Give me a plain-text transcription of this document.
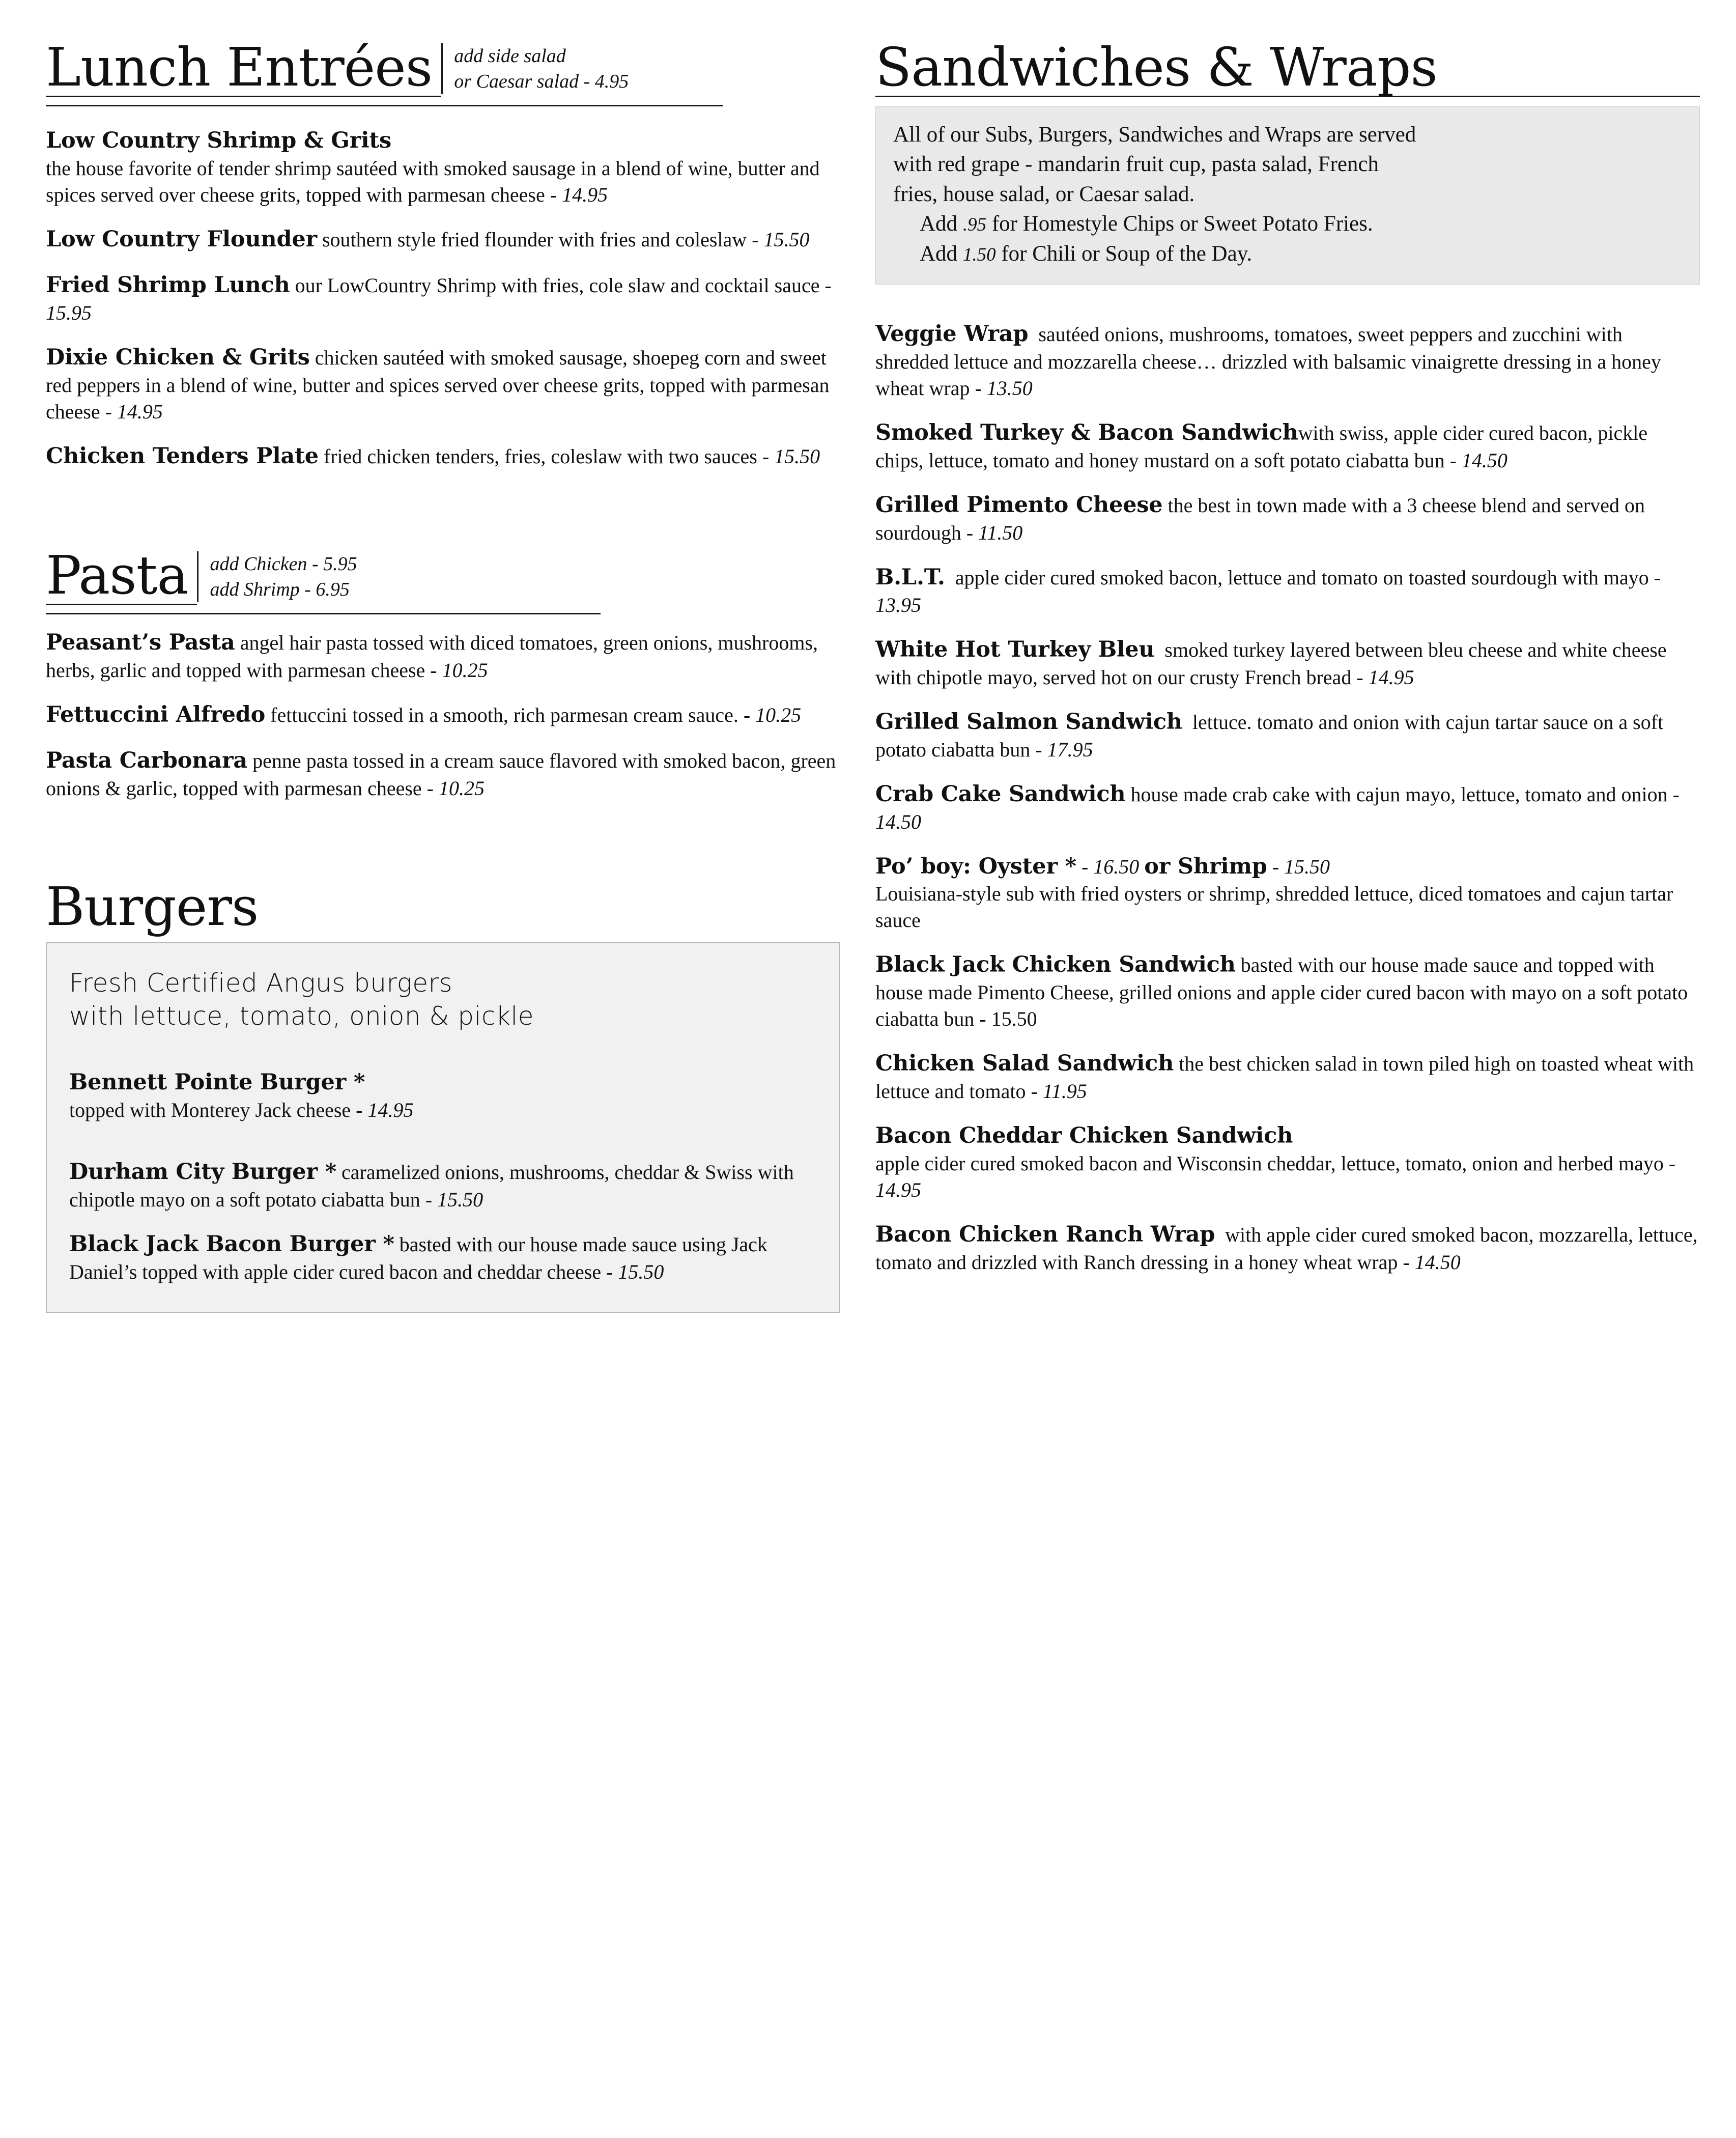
Lunch Entrées add side salad
or Caesar salad - 4.95

Low Country Shrimp & Grits

the house favorite of tender shrimp sautéed with smoked sausage in a blend of wine, butter and spices served over cheese grits, topped with parmesan cheese - 14.95

Low Country Flounder southern style fried flounder with fries and coleslaw - 15.50

Fried Shrimp Lunch our LowCountry Shrimp with fries, cole slaw and cocktail sauce - 15.95

Dixie Chicken & Grits chicken sautéed with smoked sausage, shoepeg corn and sweet red peppers in a blend of wine, butter and spices served over cheese grits, topped with parmesan cheese - 14.95

Chicken Tenders Plate fried chicken tenders, fries, coleslaw with two sauces - 15.50

Pasta add Chicken - 5.95
add Shrimp - 6.95

Peasant’s Pasta angel hair pasta tossed with diced tomatoes, green onions, mushrooms, herbs, garlic and topped with parmesan cheese - 10.25

Fettuccini Alfredo fettuccini tossed in a smooth, rich parmesan cream sauce. - 10.25

Pasta Carbonara penne pasta tossed in a cream sauce flavored with smoked bacon, green onions & garlic, topped with parmesan cheese - 10.25

Burgers
Fresh Certified Angus burgers
with lettuce, tomato, onion & pickle

Bennett Pointe Burger *

topped with Monterey Jack cheese - 14.95

Durham City Burger * caramelized onions, mushrooms, cheddar & Swiss with chipotle mayo on a soft potato ciabatta bun - 15.50

Black Jack Bacon Burger * basted with our house made sauce using Jack Daniel’s topped with apple cider cured bacon and cheddar cheese - 15.50

Sandwiches & Wraps
All of our Subs, Burgers, Sandwiches and Wraps are served
with red grape - mandarin fruit cup, pasta salad, French
fries, house salad, or Caesar salad.
Add .95 for Homestyle Chips or Sweet Potato Fries.
Add 1.50 for Chili or Soup of the Day.

Veggie Wrap sautéed onions, mushrooms, tomatoes, sweet peppers and zucchini with shredded lettuce and mozzarella cheese… drizzled with balsamic vinaigrette dressing in a honey wheat wrap - 13.50

Smoked Turkey & Bacon Sandwichwith swiss, apple cider cured bacon, pickle chips, lettuce, tomato and honey mustard on a soft potato ciabatta bun - 14.50

Grilled Pimento Cheese the best in town made with a 3 cheese blend and served on sourdough - 11.50

B.L.T. apple cider cured smoked bacon, lettuce and tomato on toasted sourdough with mayo - 13.95

White Hot Turkey Bleu smoked turkey layered between bleu cheese and white cheese with chipotle mayo, served hot on our crusty French bread - 14.95

Grilled Salmon Sandwich lettuce. tomato and onion with cajun tartar sauce on a soft potato ciabatta bun - 17.95

Crab Cake Sandwich house made crab cake with cajun mayo, lettuce, tomato and onion - 14.50

Po’ boy: Oyster * - 16.50 or Shrimp - 15.50

Louisiana-style sub with fried oysters or shrimp, shredded lettuce, diced tomatoes and cajun tartar sauce

Black Jack Chicken Sandwich basted with our house made sauce and topped with house made Pimento Cheese, grilled onions and apple cider cured bacon with mayo on a soft potato ciabatta bun - 15.50

Chicken Salad Sandwich the best chicken salad in town piled high on toasted wheat with lettuce and tomato - 11.95

Bacon Cheddar Chicken Sandwich

apple cider cured smoked bacon and Wisconsin cheddar, lettuce, tomato, onion and herbed mayo - 14.95

Bacon Chicken Ranch Wrap with apple cider cured smoked bacon, mozzarella, lettuce, tomato and drizzled with Ranch dressing in a honey wheat wrap - 14.50
